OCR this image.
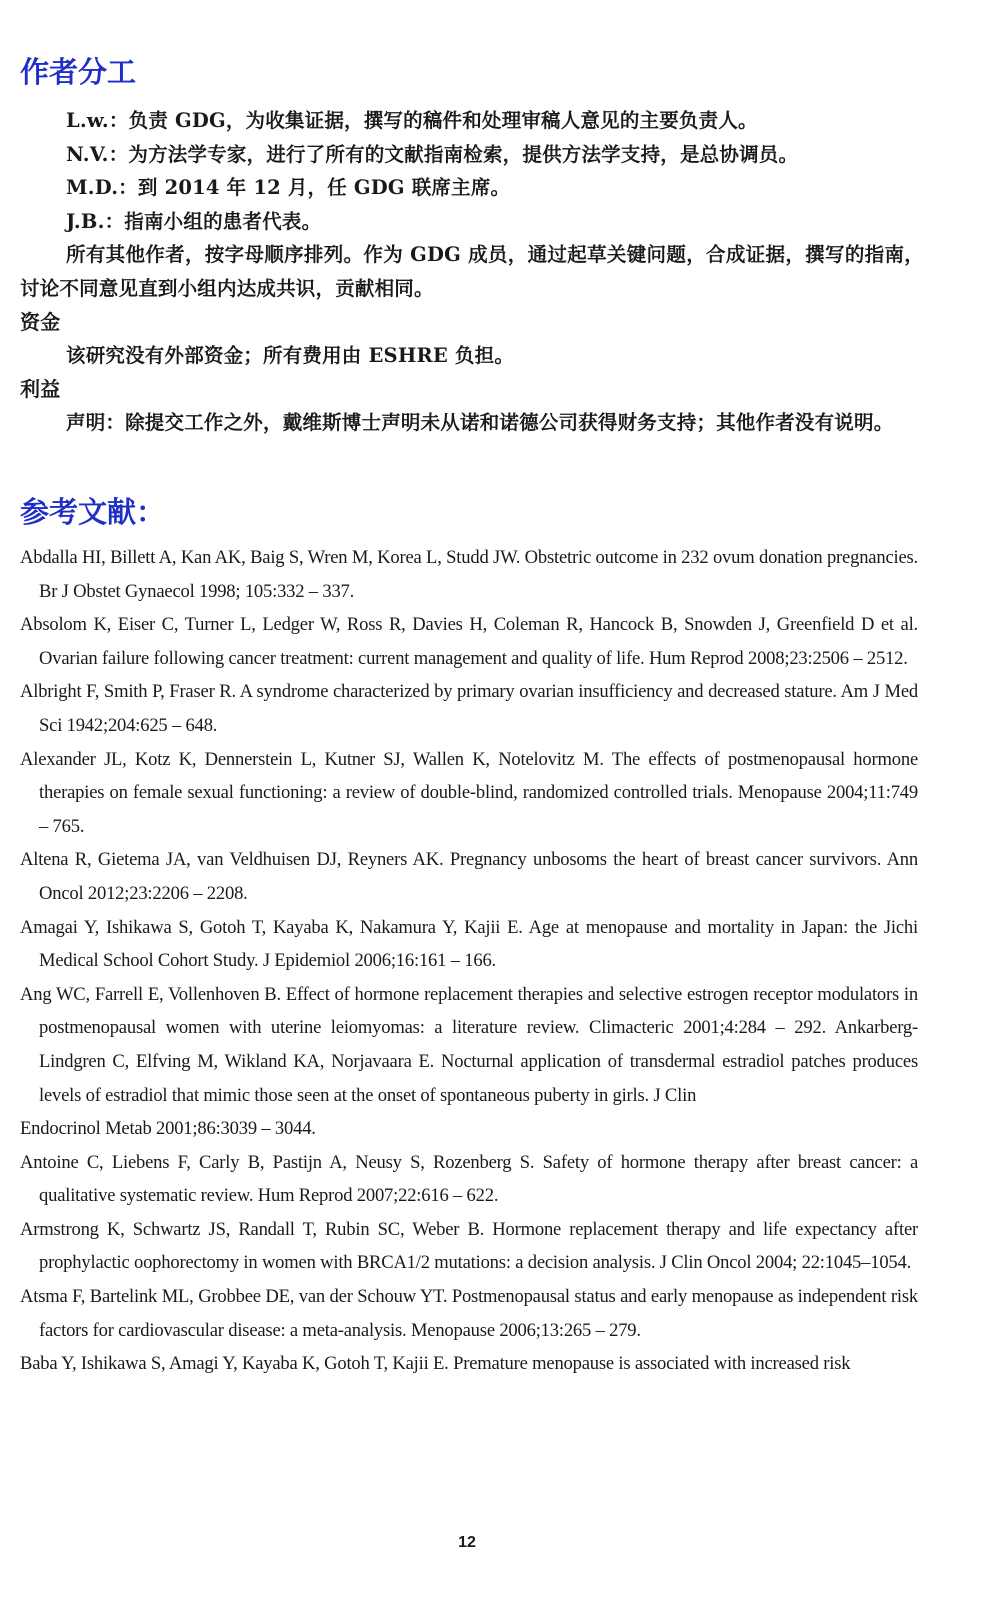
作者分工

L.w.：负责 GDG，为收集证据，撰写的稿件和处理审稿人意见的主要负责人。

N.V.：为方法学专家，进行了所有的文献指南检索，提供方法学支持，是总协调员。

M.D.：到 2014 年 12 月，任 GDG 联席主席。

J.B.：指南小组的患者代表。

所有其他作者，按字母顺序排列。作为 GDG 成员，通过起草关键问题，合成证据，撰写的指南，讨论不同意见直到小组内达成共识，贡献相同。

资金

该研究没有外部资金；所有费用由 ESHRE 负担。

利益

声明：除提交工作之外，戴维斯博士声明未从诺和诺德公司获得财务支持；其他作者没有说明。

参考文献：

Abdalla HI, Billett A, Kan AK, Baig S, Wren M, Korea L, Studd JW. Obstetric outcome in 232 ovum donation pregnancies. Br J Obstet Gynaecol 1998; 105:332 – 337.

Absolom K, Eiser C, Turner L, Ledger W, Ross R, Davies H, Coleman R, Hancock B, Snowden J, Greenfield D et al. Ovarian failure following cancer treatment: current management and quality of life. Hum Reprod 2008;23:2506 – 2512.

Albright F, Smith P, Fraser R. A syndrome characterized by primary ovarian insufficiency and decreased stature. Am J Med Sci 1942;204:625 – 648.

Alexander JL, Kotz K, Dennerstein L, Kutner SJ, Wallen K, Notelovitz M. The effects of postmenopausal hormone therapies on female sexual functioning: a review of double-blind, randomized controlled trials. Menopause 2004;11:749 – 765.

Altena R, Gietema JA, van Veldhuisen DJ, Reyners AK. Pregnancy unbosoms the heart of breast cancer survivors. Ann Oncol 2012;23:2206 – 2208.

Amagai Y, Ishikawa S, Gotoh T, Kayaba K, Nakamura Y, Kajii E. Age at menopause and mortality in Japan: the Jichi Medical School Cohort Study. J Epidemiol 2006;16:161 – 166.

Ang WC, Farrell E, Vollenhoven B. Effect of hormone replacement therapies and selective estrogen receptor modulators in postmenopausal women with uterine leiomyomas: a literature review. Climacteric 2001;4:284 – 292. Ankarberg-Lindgren C, Elfving M, Wikland KA, Norjavaara E. Nocturnal application of transdermal estradiol patches produces levels of estradiol that mimic those seen at the onset of spontaneous puberty in girls. J Clin

Endocrinol Metab 2001;86:3039 – 3044.

Antoine C, Liebens F, Carly B, Pastijn A, Neusy S, Rozenberg S. Safety of hormone therapy after breast cancer: a qualitative systematic review. Hum Reprod 2007;22:616 – 622.

Armstrong K, Schwartz JS, Randall T, Rubin SC, Weber B. Hormone replacement therapy and life expectancy after prophylactic oophorectomy in women with BRCA1/2 mutations: a decision analysis. J Clin Oncol 2004; 22:1045–1054.

Atsma F, Bartelink ML, Grobbee DE, van der Schouw YT. Postmenopausal status and early menopause as independent risk factors for cardiovascular disease: a meta-analysis. Menopause 2006;13:265 – 279.

Baba Y, Ishikawa S, Amagi Y, Kayaba K, Gotoh T, Kajii E. Premature menopause is associated with increased risk

12
